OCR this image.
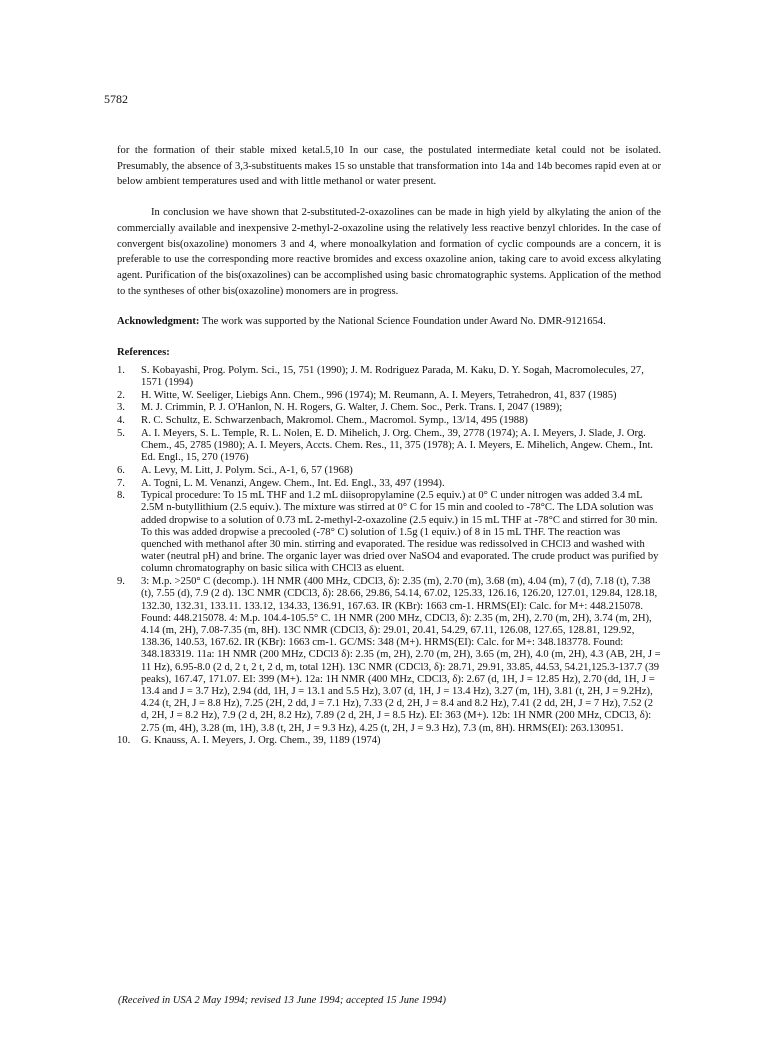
5782

for the formation of their stable mixed ketal.5,10 In our case, the postulated intermediate ketal could not be isolated. Presumably, the absence of 3,3-substituents makes 15 so unstable that transformation into 14a and 14b becomes rapid even at or below ambient temperatures used and with little methanol or water present.

In conclusion we have shown that 2-substituted-2-oxazolines can be made in high yield by alkylating the anion of the commercially available and inexpensive 2-methyl-2-oxazoline using the relatively less reactive benzyl chlorides. In the case of convergent bis(oxazoline) monomers 3 and 4, where monoalkylation and formation of cyclic compounds are a concern, it is preferable to use the corresponding more reactive bromides and excess oxazoline anion, taking care to avoid excess alkylating agent. Purification of the bis(oxazolines) can be accomplished using basic chromatographic systems. Application of the method to the syntheses of other bis(oxazoline) monomers are in progress.

Acknowledgment: The work was supported by the National Science Foundation under Award No. DMR-9121654.

References:

1.	S. Kobayashi, Prog. Polym. Sci., 15, 751 (1990); J. M. Rodriguez Parada, M. Kaku, D. Y. Sogah, Macromolecules, 27, 1571 (1994)
2.	H. Witte, W. Seeliger, Liebigs Ann. Chem., 996 (1974); M. Reumann, A. I. Meyers, Tetrahedron, 41, 837 (1985)
3.	M. J. Crimmin, P. J. O'Hanlon, N. H. Rogers, G. Walter, J. Chem. Soc., Perk. Trans. I, 2047 (1989);
4.	R. C. Schultz, E. Schwarzenbach, Makromol. Chem., Macromol. Symp., 13/14, 495 (1988)
5.	A. I. Meyers, S. L. Temple, R. L. Nolen, E. D. Mihelich, J. Org. Chem., 39, 2778 (1974); A. I. Meyers, J. Slade, J. Org. Chem., 45, 2785 (1980); A. I. Meyers, Accts. Chem. Res., 11, 375 (1978); A. I. Meyers, E. Mihelich, Angew. Chem., Int. Ed. Engl., 15, 270 (1976)
6.	A. Levy, M. Litt, J. Polym. Sci., A-1, 6, 57 (1968)
7.	A. Togni, L. M. Venanzi, Angew. Chem., Int. Ed. Engl., 33, 497 (1994).
8.	Typical procedure: To 15 mL THF and 1.2 mL diisopropylamine (2.5 equiv.) at 0° C under nitrogen was added 3.4 mL 2.5M n-butyllithium (2.5 equiv.). The mixture was stirred at 0° C for 15 min and cooled to -78°C. The LDA solution was added dropwise to a solution of 0.73 mL 2-methyl-2-oxazoline (2.5 equiv.) in 15 mL THF at -78°C and stirred for 30 min. To this was added dropwise a precooled (-78° C) solution of 1.5g (1 equiv.) of 8 in 15 mL THF. The reaction was quenched with methanol after 30 min. stirring and evaporated. The residue was redissolved in CHCl3 and washed with water (neutral pH) and brine. The organic layer was dried over NaSO4 and evaporated. The crude product was purified by column chromatography on basic silica with CHCl3 as eluent.
9.	3: M.p. >250° C (decomp.). 1H NMR (400 MHz, CDCl3, δ): 2.35 (m), 2.70 (m), 3.68 (m), 4.04 (m), 7 (d), 7.18 (t), 7.38 (t), 7.55 (d), 7.9 (2 d). 13C NMR (CDCl3, δ): 28.66, 29.86, 54.14, 67.02, 125.33, 126.16, 126.20, 127.01, 129.84, 128.18, 132.30, 132.31, 133.11. 133.12, 134.33, 136.91, 167.63. IR (KBr): 1663 cm-1. HRMS(EI): Calc. for M+: 448.215078. Found: 448.215078. 4: M.p. 104.4-105.5° C. 1H NMR (200 MHz, CDCl3, δ): 2.35 (m, 2H), 2.70 (m, 2H), 3.74 (m, 2H), 4.14 (m, 2H), 7.08-7.35 (m, 8H). 13C NMR (CDCl3, δ): 29.01, 20.41, 54.29, 67.11, 126.08, 127.65, 128.81, 129.92, 138.36, 140.53, 167.62. IR (KBr): 1663 cm-1. GC/MS: 348 (M+). HRMS(EI): Calc. for M+: 348.183778. Found: 348.183319. 11a: 1H NMR (200 MHz, CDCl3 δ): 2.35 (m, 2H), 2.70 (m, 2H), 3.65 (m, 2H), 4.0 (m, 2H), 4.3 (AB, 2H, J = 11 Hz), 6.95-8.0 (2 d, 2 t, 2 t, 2 d, m, total 12H). 13C NMR (CDCl3, δ): 28.71, 29.91, 33.85, 44.53, 54.21,125.3-137.7 (39 peaks), 167.47, 171.07. EI: 399 (M+). 12a: 1H NMR (400 MHz, CDCl3, δ): 2.67 (d, 1H, J = 12.85 Hz), 2.70 (dd, 1H, J = 13.4 and J = 3.7 Hz), 2.94 (dd, 1H, J = 13.1 and 5.5 Hz), 3.07 (d, 1H, J = 13.4 Hz), 3.27 (m, 1H), 3.81 (t, 2H, J = 9.2Hz), 4.24 (t, 2H, J = 8.8 Hz), 7.25 (2H, 2 dd, J = 7.1 Hz), 7.33 (2 d, 2H, J = 8.4 and 8.2 Hz), 7.41 (2 dd, 2H, J = 7 Hz), 7.52 (2 d, 2H, J = 8.2 Hz), 7.9 (2 d, 2H, 8.2 Hz), 7.89 (2 d, 2H, J = 8.5 Hz). EI: 363 (M+). 12b: 1H NMR (200 MHz, CDCl3, δ): 2.75 (m, 4H), 3.28 (m, 1H), 3.8 (t, 2H, J = 9.3 Hz), 4.25 (t, 2H, J = 9.3 Hz), 7.3 (m, 8H). HRMS(EI): 263.130951.
10.	G. Knauss, A. I. Meyers, J. Org. Chem., 39, 1189 (1974)
(Received in USA 2 May 1994; revised 13 June 1994; accepted 15 June 1994)
